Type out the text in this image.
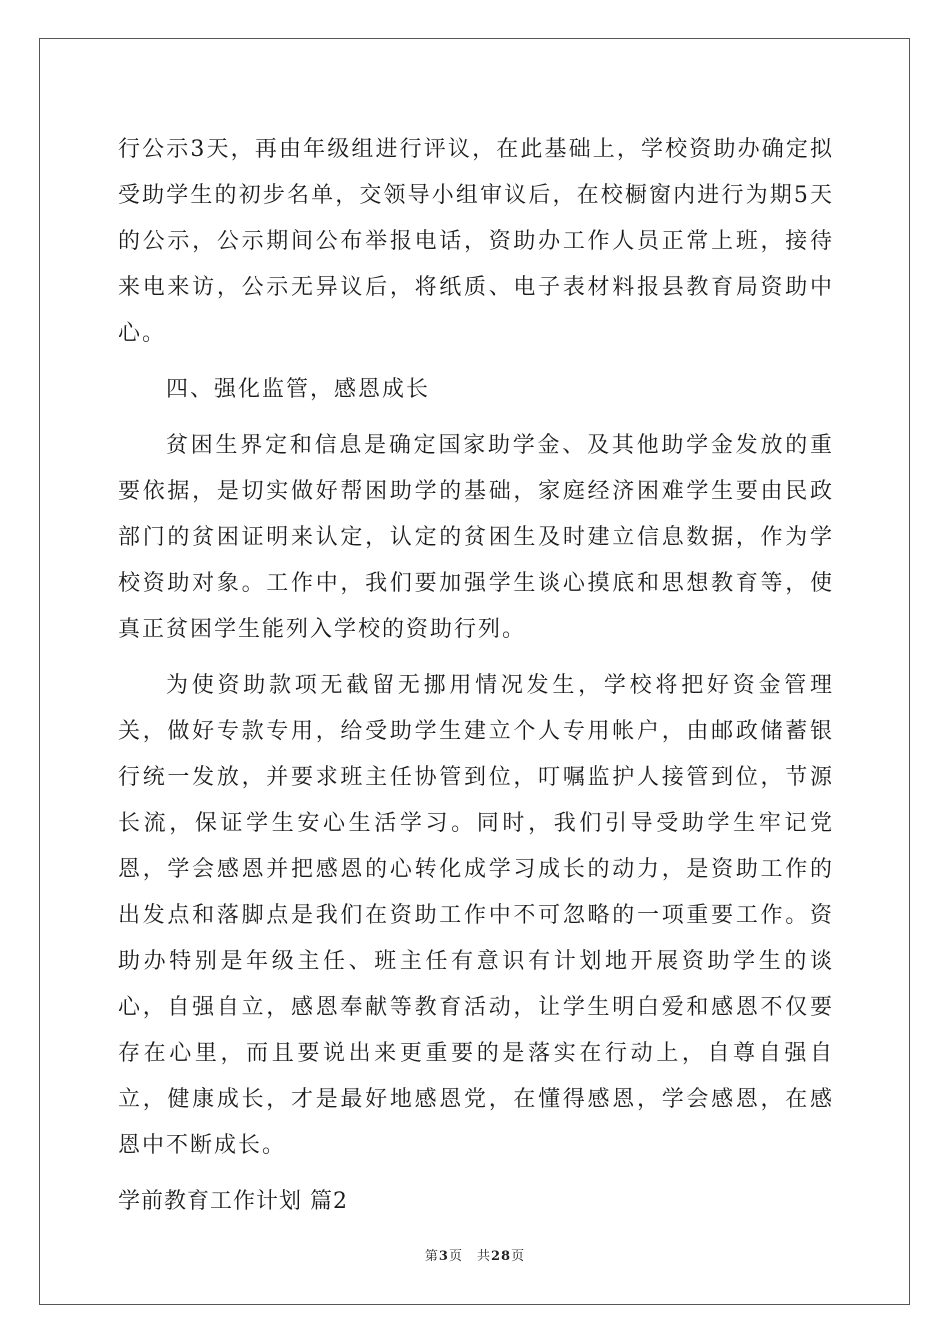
行公示3天，再由年级组进行评议，在此基础上，学校资助办确定拟受助学生的初步名单，交领导小组审议后，在校橱窗内进行为期5天的公示，公示期间公布举报电话，资助办工作人员正常上班，接待来电来访，公示无异议后，将纸质、电子表材料报县教育局资助中心。

四、强化监管，感恩成长

贫困生界定和信息是确定国家助学金、及其他助学金发放的重要依据，是切实做好帮困助学的基础，家庭经济困难学生要由民政部门的贫困证明来认定，认定的贫困生及时建立信息数据，作为学校资助对象。工作中，我们要加强学生谈心摸底和思想教育等，使真正贫困学生能列入学校的资助行列。

为使资助款项无截留无挪用情况发生，学校将把好资金管理关，做好专款专用，给受助学生建立个人专用帐户，由邮政储蓄银行统一发放，并要求班主任协管到位，叮嘱监护人接管到位，节源长流，保证学生安心生活学习。同时，我们引导受助学生牢记党恩，学会感恩并把感恩的心转化成学习成长的动力，是资助工作的出发点和落脚点是我们在资助工作中不可忽略的一项重要工作。资助办特别是年级主任、班主任有意识有计划地开展资助学生的谈心，自强自立，感恩奉献等教育活动，让学生明白爱和感恩不仅要存在心里，而且要说出来更重要的是落实在行动上，自尊自强自立，健康成长，才是最好地感恩党，在懂得感恩，学会感恩，在感恩中不断成长。

学前教育工作计划 篇2

第3页　共28页
